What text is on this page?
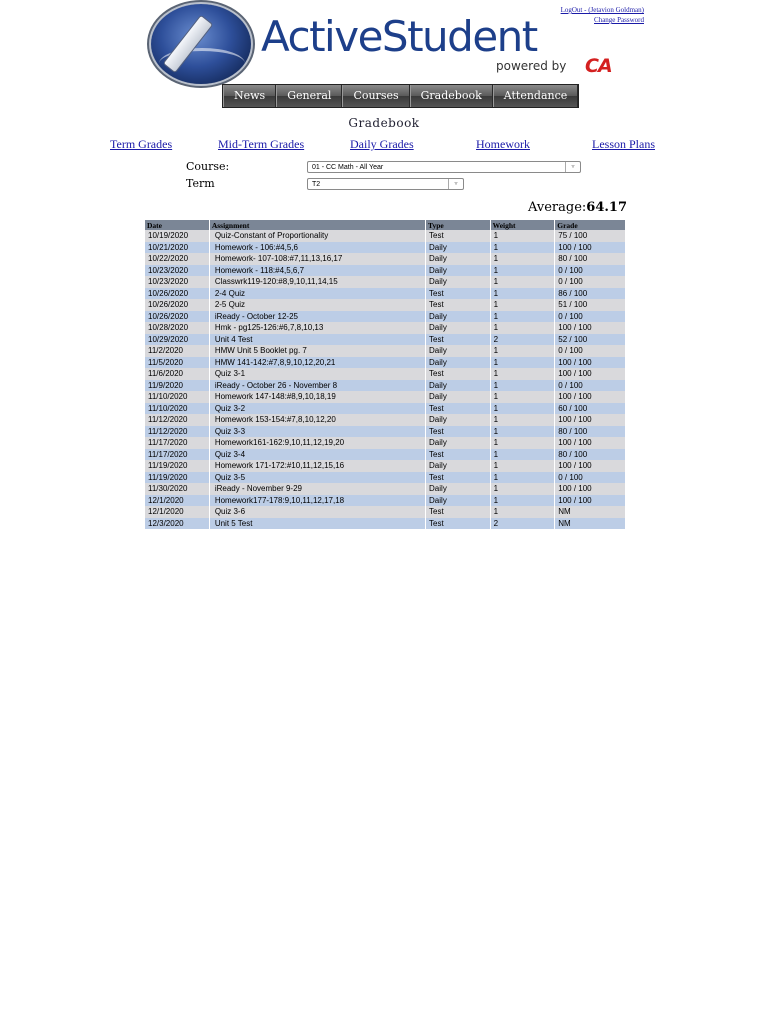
LogOut - (Jetavion Goldman)
Change Password
ActiveStudent
powered by CA
News	General	Courses	Gradebook	Attendance
Gradebook
Term Grades	Mid-Term Grades	Daily Grades	Homework	Lesson Plans
Course:	01 - CC Math - All Year	▿
Term	T2	▿
Average:64.17
Date	Assignment	Type	Weight	Grade
10/19/2020	Quiz-Constant of Proportionality	Test	1	75 / 100
10/21/2020	Homework - 106:#4,5,6	Daily	1	100 / 100
10/22/2020	Homework- 107-108:#7,11,13,16,17	Daily	1	80 / 100
10/23/2020	Homework - 118:#4,5,6,7	Daily	1	0 / 100
10/23/2020	Classwrk119-120:#8,9,10,11,14,15	Daily	1	0 / 100
10/26/2020	2-4 Quiz	Test	1	86 / 100
10/26/2020	2-5 Quiz	Test	1	51 / 100
10/26/2020	iReady - October 12-25	Daily	1	0 / 100
10/28/2020	Hmk - pg125-126:#6,7,8,10,13	Daily	1	100 / 100
10/29/2020	Unit 4 Test	Test	2	52 / 100
11/2/2020	HMW Unit 5 Booklet pg. 7	Daily	1	0 / 100
11/5/2020	HMW 141-142:#7,8,9,10,12,20,21	Daily	1	100 / 100
11/6/2020	Quiz 3-1	Test	1	100 / 100
11/9/2020	iReady - October 26 - November 8	Daily	1	0 / 100
11/10/2020	Homework 147-148:#8,9,10,18,19	Daily	1	100 / 100
11/10/2020	Quiz 3-2	Test	1	60 / 100
11/12/2020	Homework 153-154:#7,8,10,12,20	Daily	1	100 / 100
11/12/2020	Quiz 3-3	Test	1	80 / 100
11/17/2020	Homework161-162:9,10,11,12,19,20	Daily	1	100 / 100
11/17/2020	Quiz 3-4	Test	1	80 / 100
11/19/2020	Homework 171-172:#10,11,12,15,16	Daily	1	100 / 100
11/19/2020	Quiz 3-5	Test	1	0 / 100
11/30/2020	iReady - November 9-29	Daily	1	100 / 100
12/1/2020	Homework177-178:9,10,11,12,17,18	Daily	1	100 / 100
12/1/2020	Quiz 3-6	Test	1	NM
12/3/2020	Unit 5 Test	Test	2	NM
